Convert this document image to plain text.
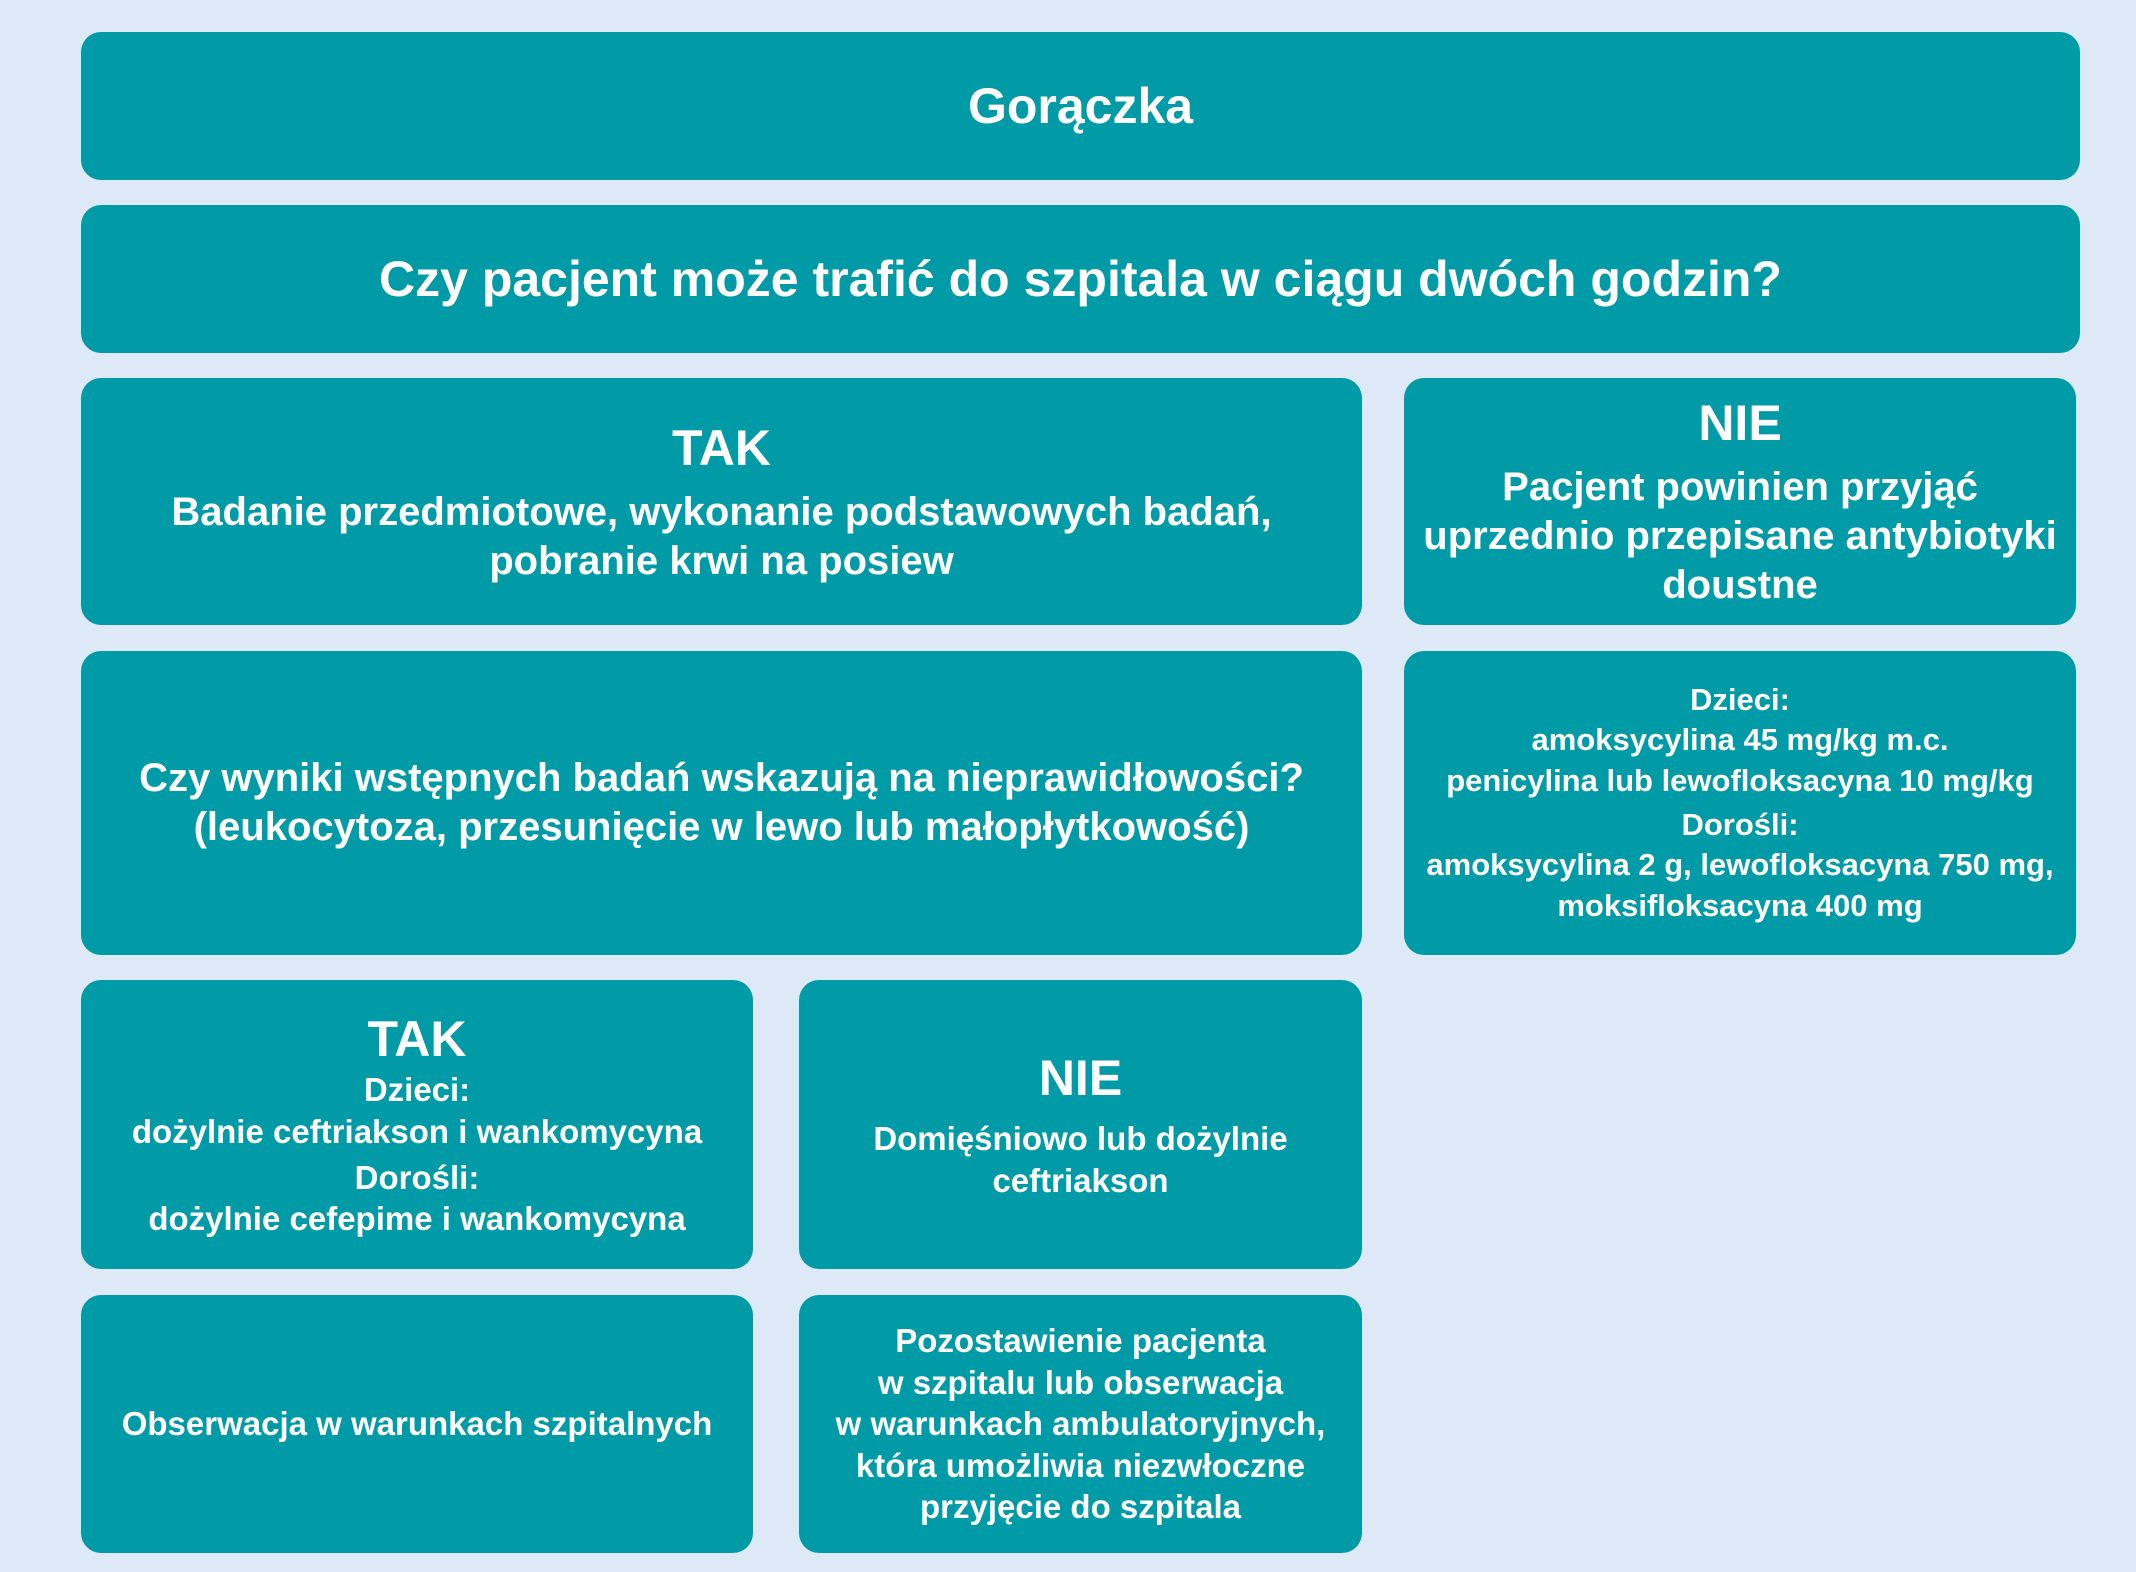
Gorączka
Czy pacjent może trafić do szpitala w ciągu dwóch godzin?
TAK
Badanie przedmiotowe, wykonanie podstawowych badań,
pobranie krwi na posiew
NIE
Pacjent powinien przyjąć
uprzednio przepisane antybiotyki
doustne
Czy wyniki wstępnych badań wskazują na nieprawidłowości?
(leukocytoza, przesunięcie w lewo lub małopłytkowość)
Dzieci:
amoksycylina 45 mg/kg m.c.
penicylina lub lewofloksacyna 10 mg/kg
Dorośli:
amoksycylina 2 g, lewofloksacyna 750 mg,
moksifloksacyna 400 mg
TAK
Dzieci:
dożylnie ceftriakson i wankomycyna
Dorośli:
dożylnie cefepime i wankomycyna
NIE
Domięśniowo lub dożylnie
ceftriakson
Obserwacja w warunkach szpitalnych
Pozostawienie pacjenta
w szpitalu lub obserwacja
w warunkach ambulatoryjnych,
która umożliwia niezwłoczne
przyjęcie do szpitala
